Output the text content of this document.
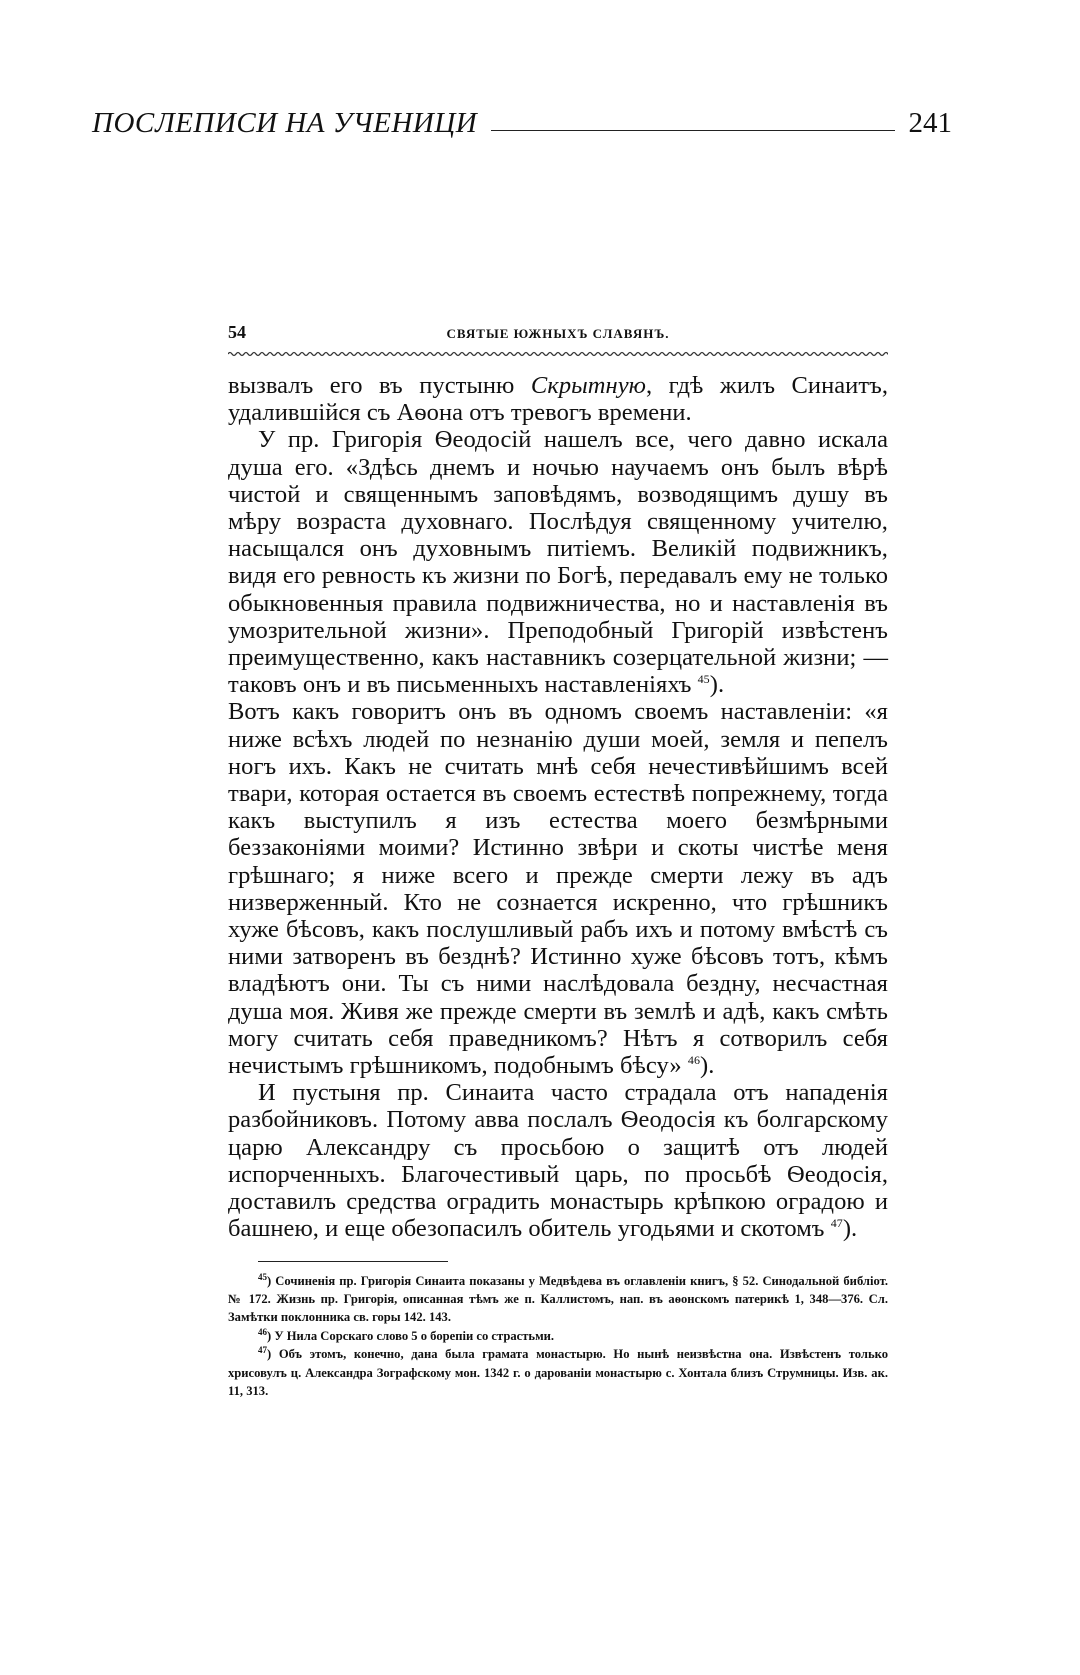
ПОСЛЕПИСИ НА УЧЕНИЦИ	241
54	СВЯТЫЕ ЮЖНЫХЪ СЛАВЯНЪ.

вызвалъ его въ пустыню Скрытную, гдѣ жилъ Синаитъ, удалившійся съ Аѳона отъ тревогъ времени.

У пр. Григорія Ѳеодосій нашелъ все, чего давно искала душа его. «Здѣсь днемъ и ночью научаемъ онъ былъ вѣрѣ чистой и священнымъ заповѣдямъ, возводящимъ душу въ мѣру возраста духовнаго. Послѣдуя священному учителю, насыщался онъ духовнымъ питіемъ. Великій подвижникъ, видя его ревность къ жизни по Богѣ, передавалъ ему не только обыкновенныя правила подвижничества, но и наставленія въ умозрительной жизни». Преподобный Григорій извѣстенъ преимущественно, какъ наставникъ созерцательной жизни; — таковъ онъ и въ письменныхъ наставленіяхъ $^{45}$).

Вотъ какъ говоритъ онъ въ одномъ своемъ наставленіи: «я ниже всѣхъ людей по незнанію души моей, земля и пепелъ ногъ ихъ. Какъ не считать мнѣ себя нечестивѣйшимъ всей твари, которая остается въ своемъ естествѣ попрежнему, тогда какъ выступилъ я изъ естества моего безмѣрными беззаконіями моими? Истинно звѣри и скоты чистѣе меня грѣшнаго; я ниже всего и прежде смерти лежу въ адъ низверженный. Кто не сознается искренно, что грѣшникъ хуже бѣсовъ, какъ послушливый рабъ ихъ и потому вмѣстѣ съ ними затворенъ въ безднѣ? Истинно хуже бѣсовъ тотъ, кѣмъ владѣютъ они. Ты съ ними наслѣдовала бездну, несчастная душа моя. Живя же прежде смерти въ землѣ и адѣ, какъ смѣть могу считать себя праведникомъ? Нѣтъ я сотворилъ себя нечистымъ грѣшникомъ, подобнымъ бѣсу» $^{46}$).

И пустыня пр. Синаита часто страдала отъ нападенія разбойниковъ. Потому авва послалъ Ѳеодосія къ болгарскому царю Александру съ просьбою о защитѣ отъ людей испорченныхъ. Благочестивый царь, по просьбѣ Ѳеодосія, доставилъ средства оградить монастырь крѣпкою оградою и башнею, и еще обезопасилъ обитель угодьями и скотомъ $^{47}$).

$^{45}$) Сочиненія пр. Григорія Синаита показаны у Медвѣдева въ оглавленіи книгъ, § 52. Синодальной библіот. № 172. Жизнь пр. Григорія, описанная тѣмъ же п. Каллистомъ, нап. въ аѳонскомъ патерикѣ 1, 348—376. Сл. Замѣтки поклонника св. горы 142. 143.

$^{46}$) У Нила Сорскаго слово 5 о борепіи со страстьми.

$^{47}$) Объ этомъ, конечно, дана была грамата монастырю. Но нынѣ неизвѣстна она. Извѣстенъ только хрисовулъ ц. Александра Зографскому мон. 1342 г. о дарованіи монастырю с. Хонтала близъ Струмницы. Изв. ак. 11, 313.
